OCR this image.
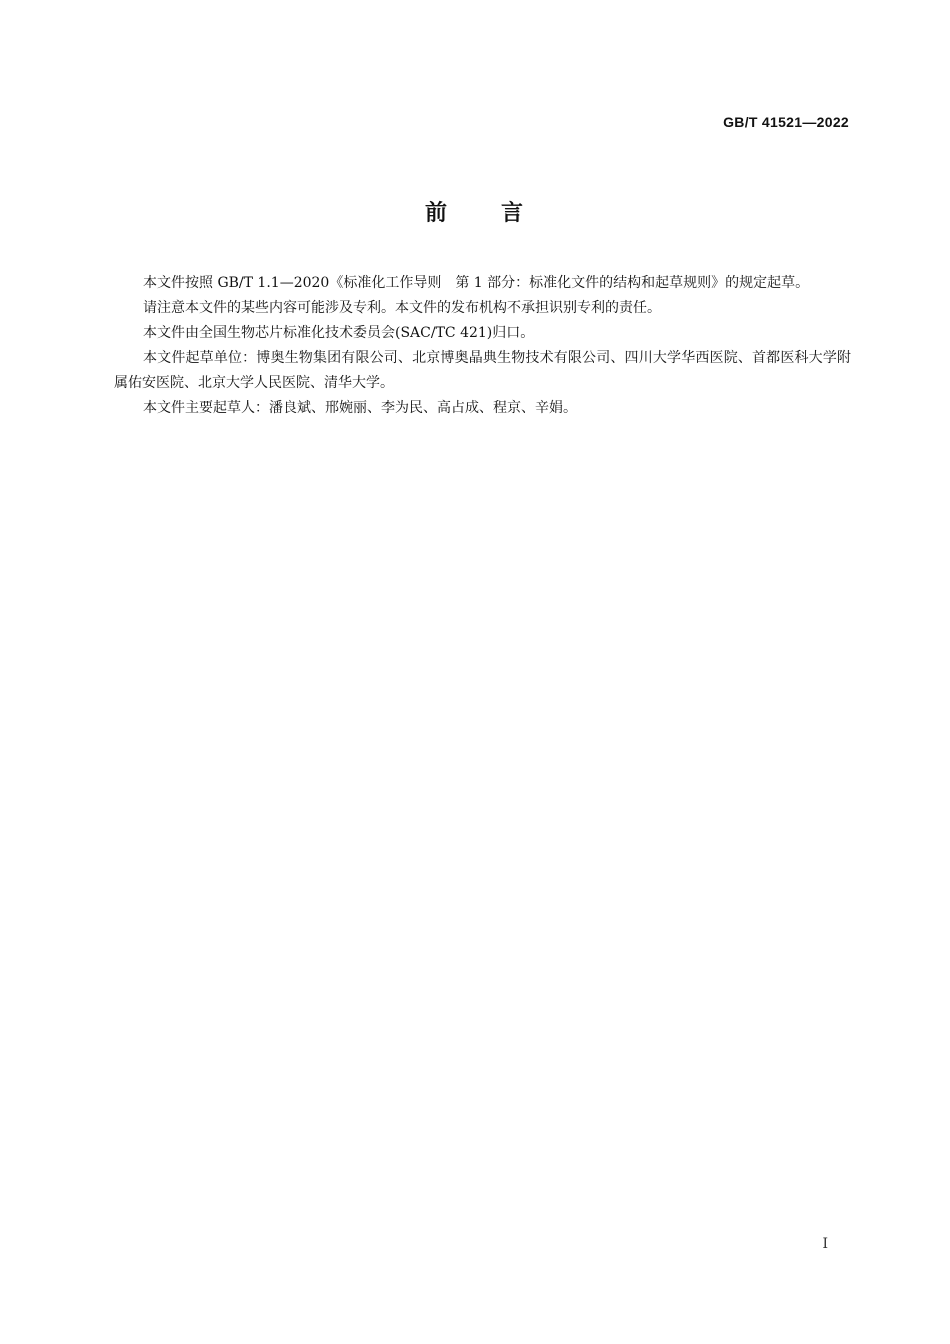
GB/T 41521—2022
前 言

本文件按照 GB/T 1.1—2020《标准化工作导则　第 1 部分：标准化文件的结构和起草规则》的规定起草。

请注意本文件的某些内容可能涉及专利。本文件的发布机构不承担识别专利的责任。

本文件由全国生物芯片标准化技术委员会(SAC/TC 421)归口。

本文件起草单位：博奥生物集团有限公司、北京博奥晶典生物技术有限公司、四川大学华西医院、首都医科大学附属佑安医院、北京大学人民医院、清华大学。

本文件主要起草人：潘良斌、邢婉丽、李为民、高占成、程京、辛娟。

I
